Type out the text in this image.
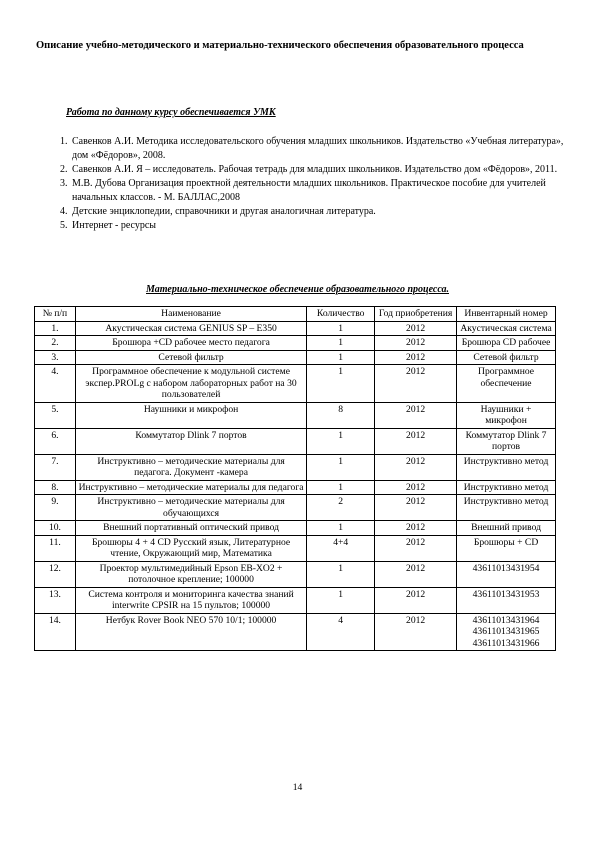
Описание учебно-методического и материально-технического обеспечения образовательного процесса
Работа по данному курсу обеспечивается УМК
1. Савенков А.И. Методика исследовательского обучения младших школьников. Издательство «Учебная литература», дом «Фёдоров», 2008.
2. Савенков А.И. Я – исследователь. Рабочая тетрадь для младших школьников. Издательство дом «Фёдоров», 2011.
3. М.В. Дубова Организация проектной деятельности младших школьников. Практическое пособие для учителей начальных классов. - М. БАЛЛАС,2008
4. Детские энциклопедии, справочники и другая аналогичная литература.
5. Интернет - ресурсы
Материально-техническое обеспечение образовательного процесса.
№ п/п	Наименование	Количество	Год приобретения	Инвентарный номер
1.	Акустическая система GENIUS SP – E350	1	2012	Акустическая система
2.	Брошюра +CD рабочее место педагога	1	2012	Брошюра CD рабочее
3.	Сетевой фильтр	1	2012	Сетевой фильтр
4.	Программное обеспечение к модульной системе экспер.PROLg с набором лабораторных работ на 30 пользователей	1	2012	Программное обеспечение
5.	Наушники и микрофон	8	2012	Наушники + микрофон
6.	Коммутатор Dlink 7 портов	1	2012	Коммутатор Dlink 7 портов
7.	Инструктивно – методические материалы для педагога. Документ -камера	1	2012	Инструктивно метод
8.	Инструктивно – методические материалы для педагога	1	2012	Инструктивно метод
9.	Инструктивно – методические материалы для обучающихся	2	2012	Инструктивно метод
10.	Внешний портативный оптический привод	1	2012	Внешний привод
11.	Брошюры 4 + 4 CD Русский язык, Литературное чтение, Окружающий мир, Математика	4+4	2012	Брошюры + CD
12.	Проектор мультимедийный Epson EB-XO2 + потолочное крепление; 100000	1	2012	43611013431954
13.	Система контроля и мониторинга качества знаний interwrite CPSIR на 15 пультов; 100000	1	2012	43611013431953
14.	Нетбук Rover Book NEO 570 10/1; 100000	4	2012	43611013431964
43611013431965
43611013431966
14
